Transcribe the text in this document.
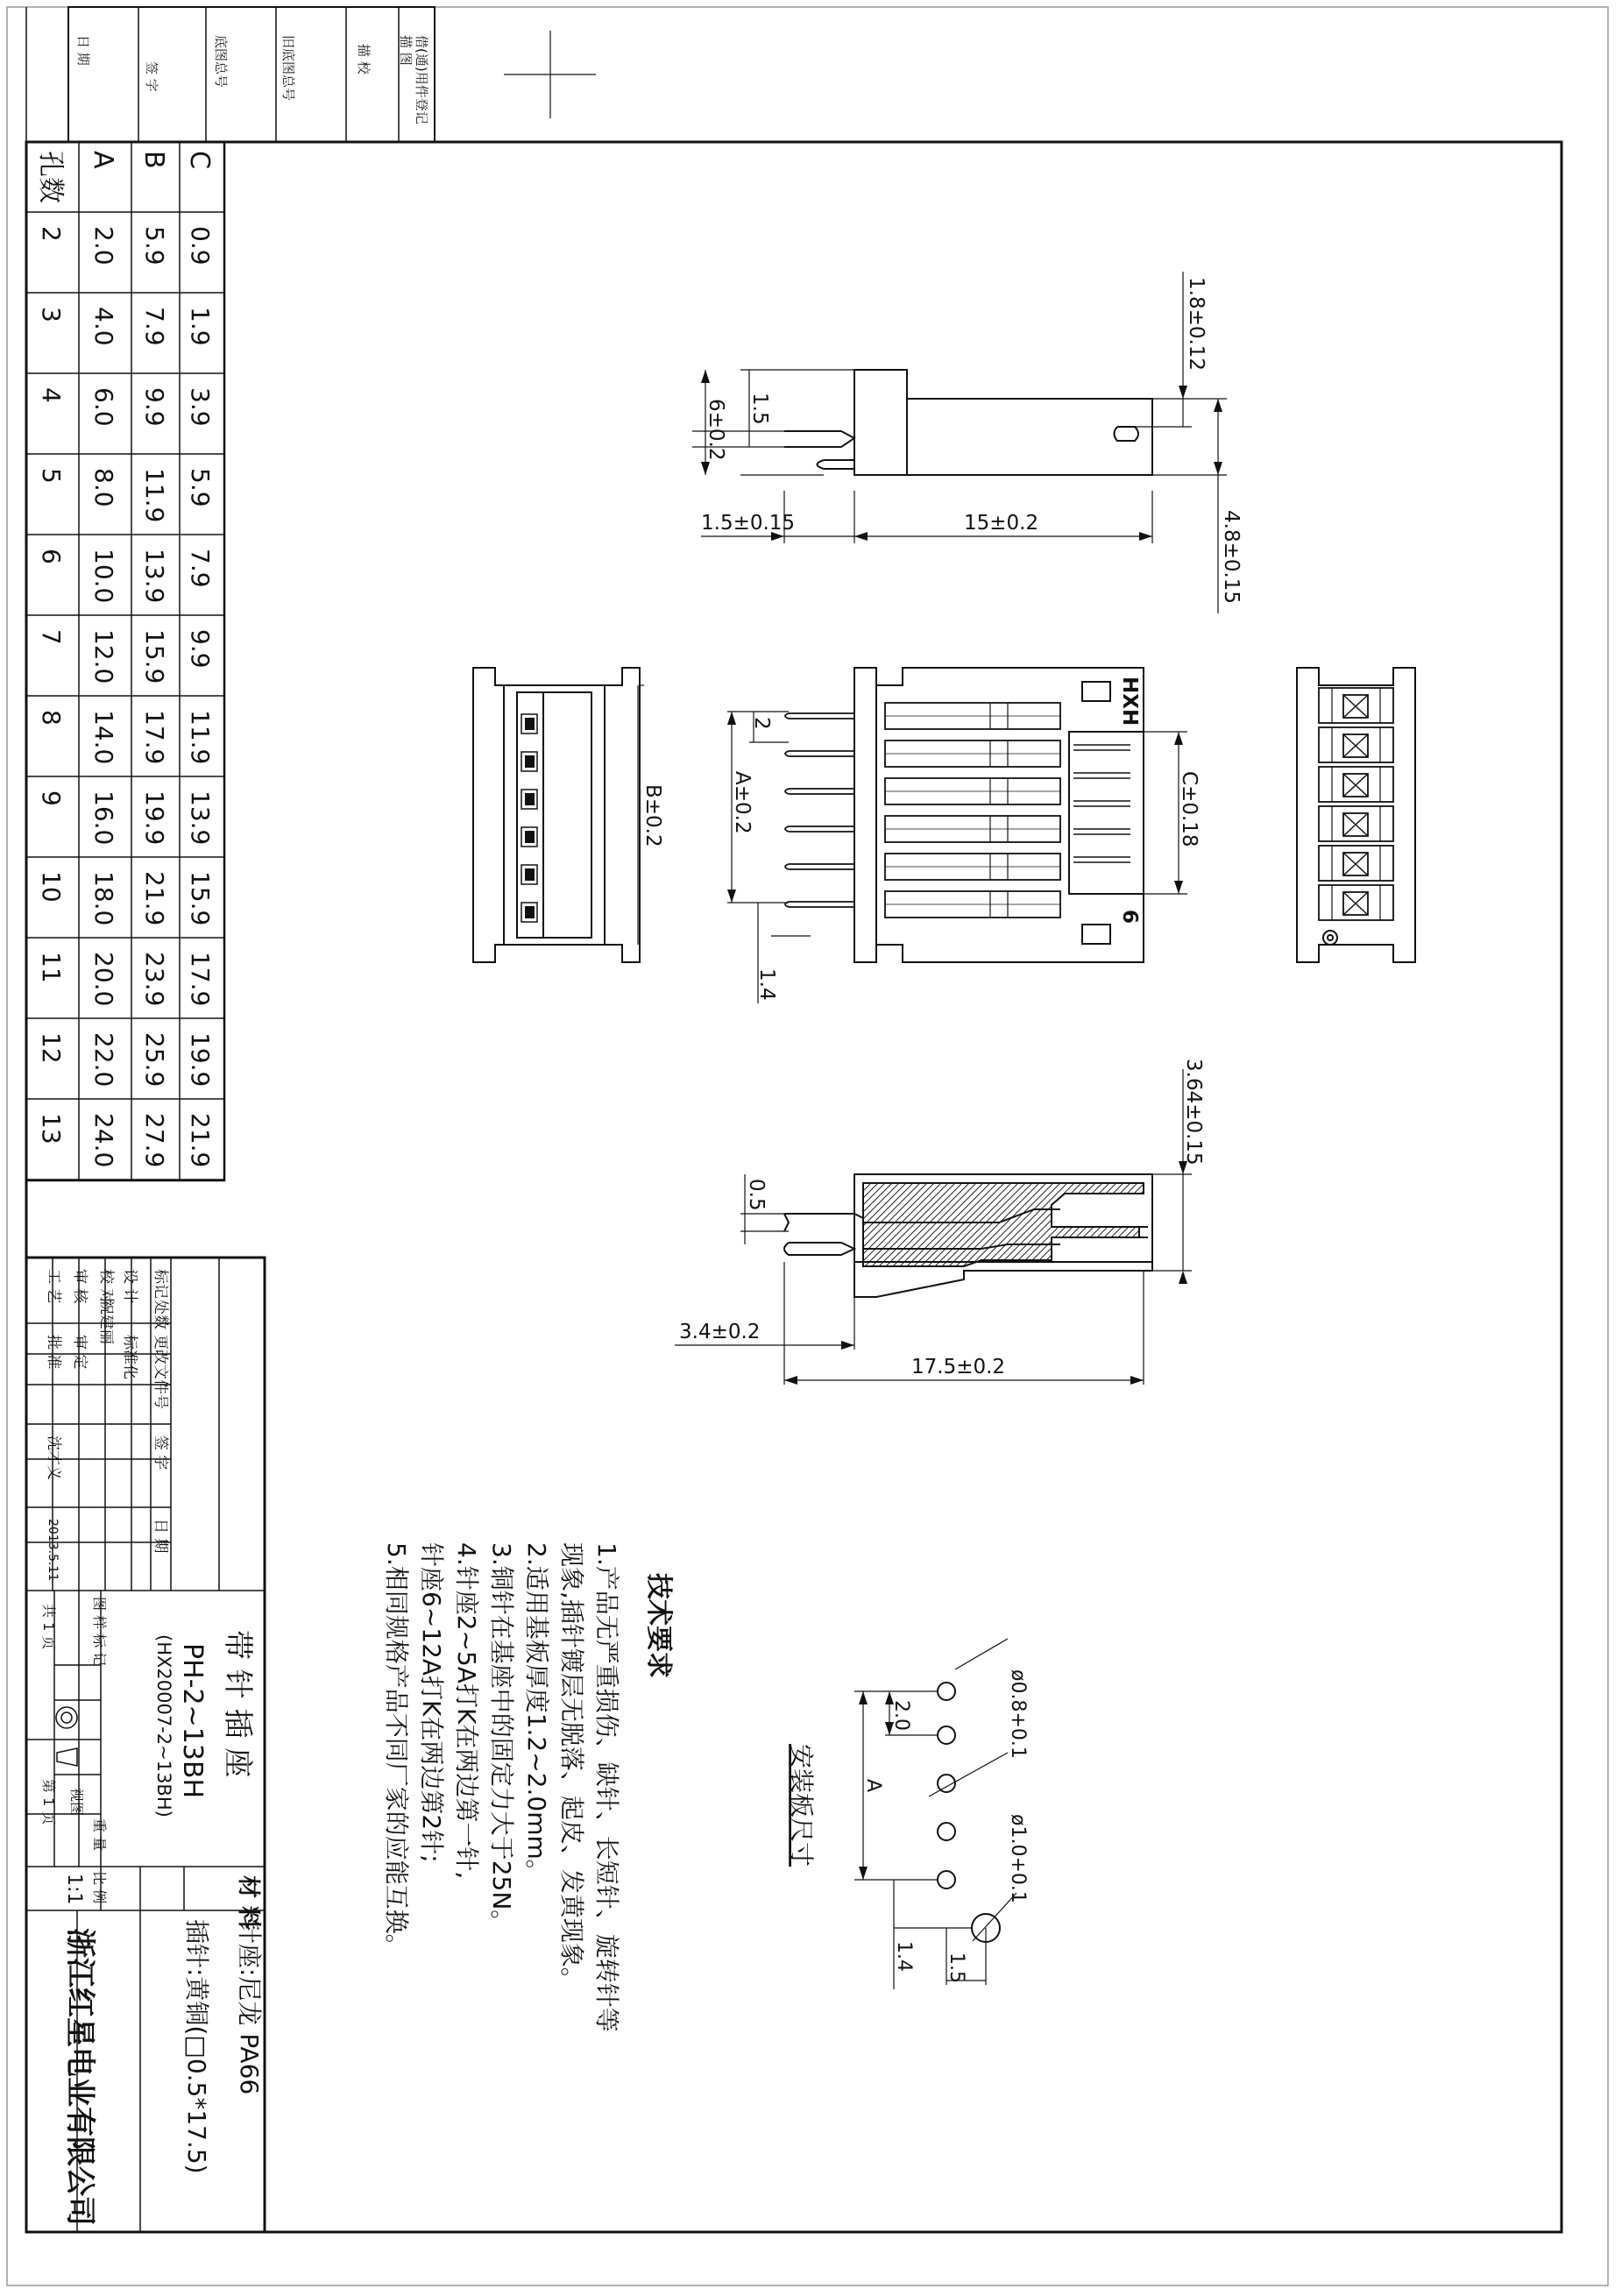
借(通)用件登记
描 图
描 校
旧底图总号
底图总号
签 字
日 期
孔数 A B C
2 2.0 5.9 0.9
3 4.0 7.9 1.9
4 6.0 9.9 3.9
5 8.0 11.9 5.9
6 10.0 13.9 7.9
7 12.0 15.9 9.9
8 14.0 17.9 11.9
9 16.0 19.9 13.9
10 18.0 21.9 15.9
11 20.0 23.9 17.9
12 22.0 25.9 19.9
13 24.0 27.9 21.9
1.8±0.12
1.5
6±0.2
1.5±0.15	15±0.2	4.8±0.15
B±0.2
HXH
6
2
A±0.2	C±0.18
1.4
3.64±0.15
0.5
3.4±0.2
17.5±0.2
技术要求
1.产品无严重损伤、缺针、长短针、旋转针等
现象,插针镀层无脱落、起皮、发黄现象。
2.适用基板厚度1.2~2.0mm。
3.铜针在基座中的固定力大于25N。
4.针座2~5A打K在两边第一针,
针座6~12A打K在两边第2针;
5.相同规格产品不同厂家的应能互换。	安装板尺寸
ø0.8+0.1
ø1.0+0.1
2.0
A
1.4 1.5
标记
处数
更改文件号
签 字
日 期
设 计
标准化
校 对
祝建丽
审 核
审 定
工 艺
批 准
沈才义
2013.5.11
带 针 插 座
PH-2~13BH
(HX20007-2~13BH)
图 样 标 记
重 量
比 例
1:1
共 1 页
第 1 页 视图
材 料
针座:尼龙 PA66
插针:黄铜(□0.5*17.5)
浙江红星电业有限公司
